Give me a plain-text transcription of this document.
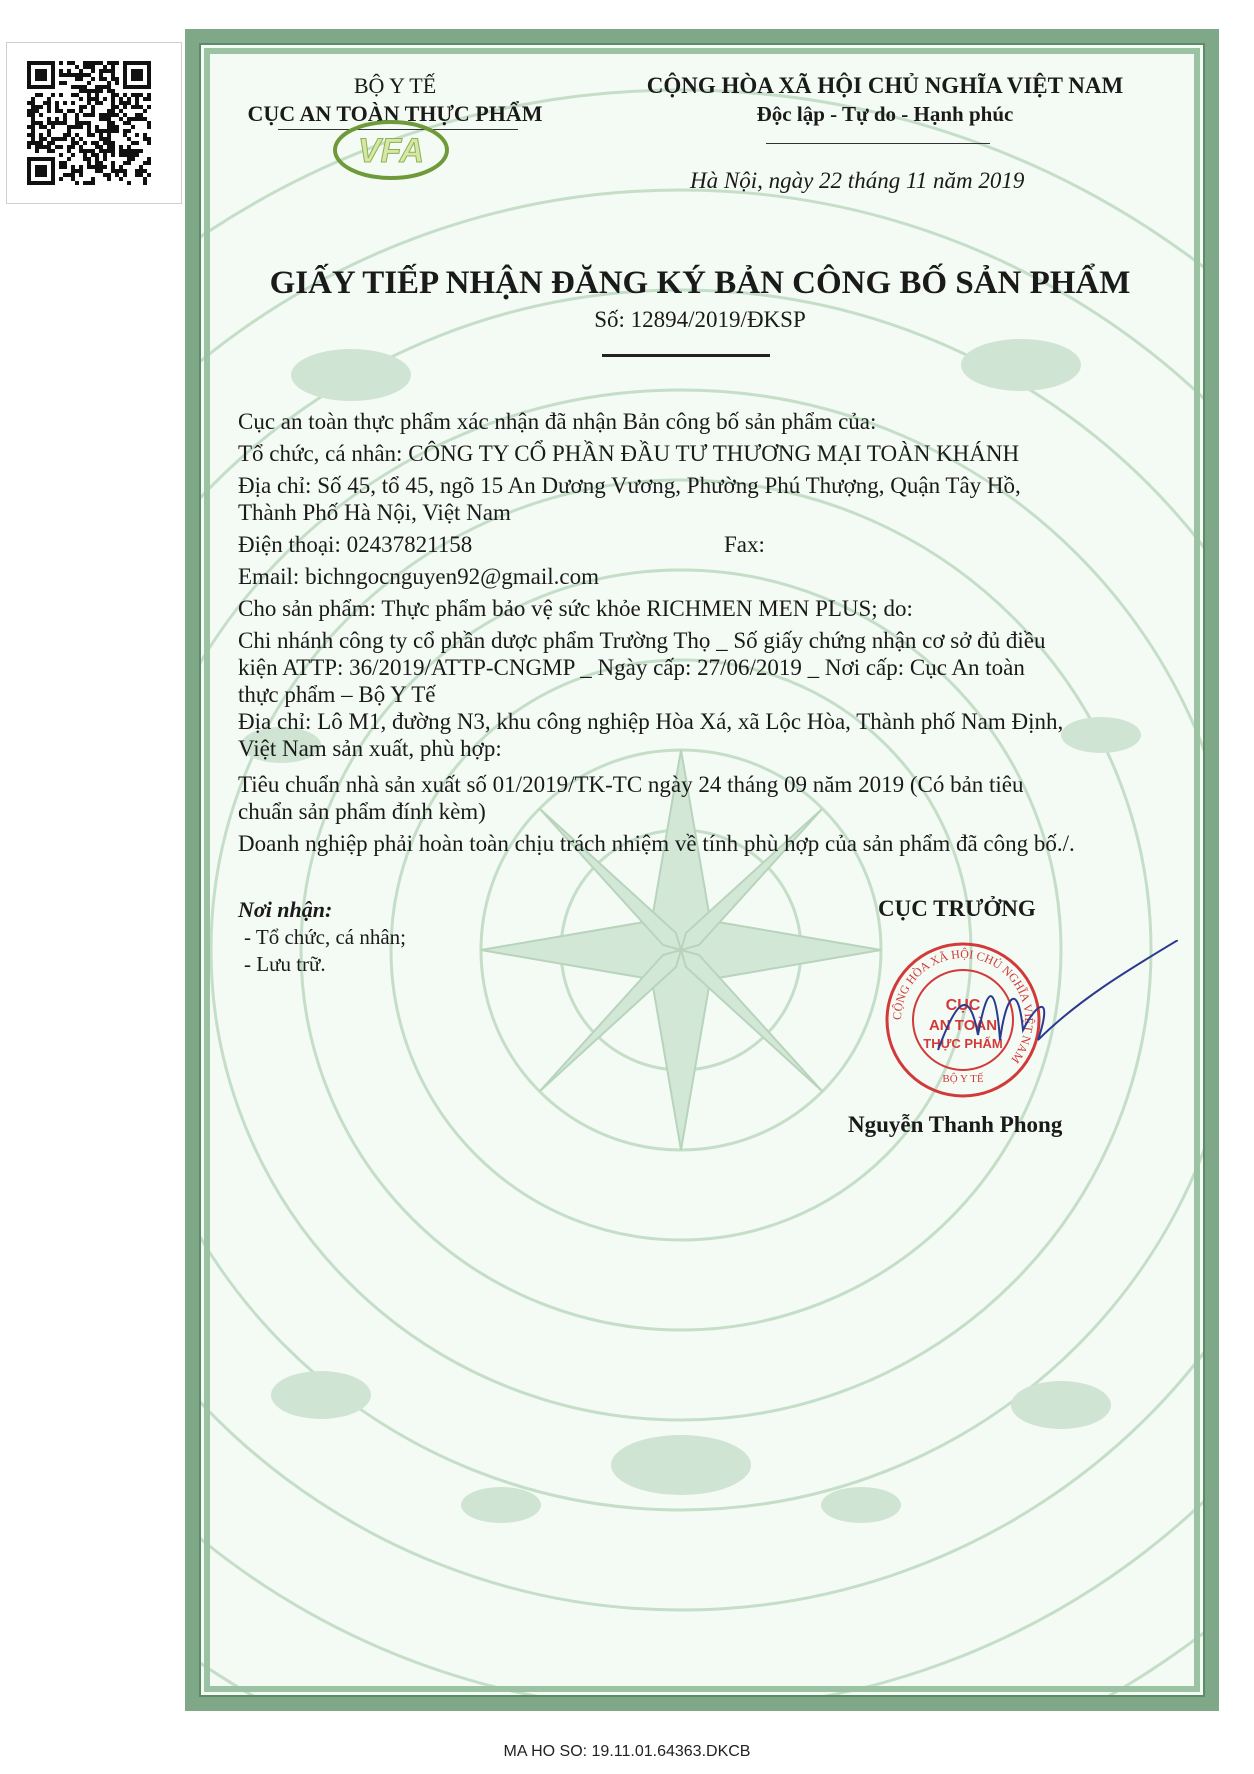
BỘ Y TẾ
CỤC AN TOÀN THỰC PHẨM
VFA
CỘNG HÒA XÃ HỘI CHỦ NGHĨA VIỆT NAM
Độc lập - Tự do - Hạnh phúc
Hà Nội, ngày 22 tháng 11 năm 2019
GIẤY TIẾP NHẬN ĐĂNG KÝ BẢN CÔNG BỐ SẢN PHẨM
Số: 12894/2019/ĐKSP
Cục an toàn thực phẩm xác nhận đã nhận Bản công bố sản phẩm của:
Tổ chức, cá nhân: CÔNG TY CỔ PHẦN ĐẦU TƯ THƯƠNG MẠI TOÀN KHÁNH
Địa chỉ: Số 45, tổ 45, ngõ 15 An Dương Vương, Phường Phú Thượng, Quận Tây Hồ,
Thành Phố Hà Nội, Việt Nam
Điện thoại: 02437821158	Fax:
Email: bichngocnguyen92@gmail.com
Cho sản phẩm: Thực phẩm bảo vệ sức khỏe RICHMEN MEN PLUS; do:
Chi nhánh công ty cổ phần dược phẩm Trường Thọ _ Số giấy chứng nhận cơ sở đủ điều
kiện ATTP: 36/2019/ATTP-CNGMP _ Ngày cấp: 27/06/2019 _ Nơi cấp: Cục An toàn
thực phẩm – Bộ Y Tế
Địa chỉ: Lô M1, đường N3, khu công nghiệp Hòa Xá, xã Lộc Hòa, Thành phố Nam Định,
Việt Nam sản xuất, phù hợp:
Tiêu chuẩn nhà sản xuất số 01/2019/TK-TC ngày 24 tháng 09 năm 2019 (Có bản tiêu
chuẩn sản phẩm đính kèm)
Doanh nghiệp phải hoàn toàn chịu trách nhiệm về tính phù hợp của sản phẩm đã công bố./.
Nơi nhận:
- Tổ chức, cá nhân;
- Lưu trữ.
CỤC TRƯỞNG
CỘNG HÒA XÃ HỘI CHỦ NGHĨA VIỆT NAM
CỤC
AN TOÀN
THỰC PHẨM
BỘ Y TẾ
Nguyễn Thanh Phong
MA HO SO: 19.11.01.64363.DKCB
